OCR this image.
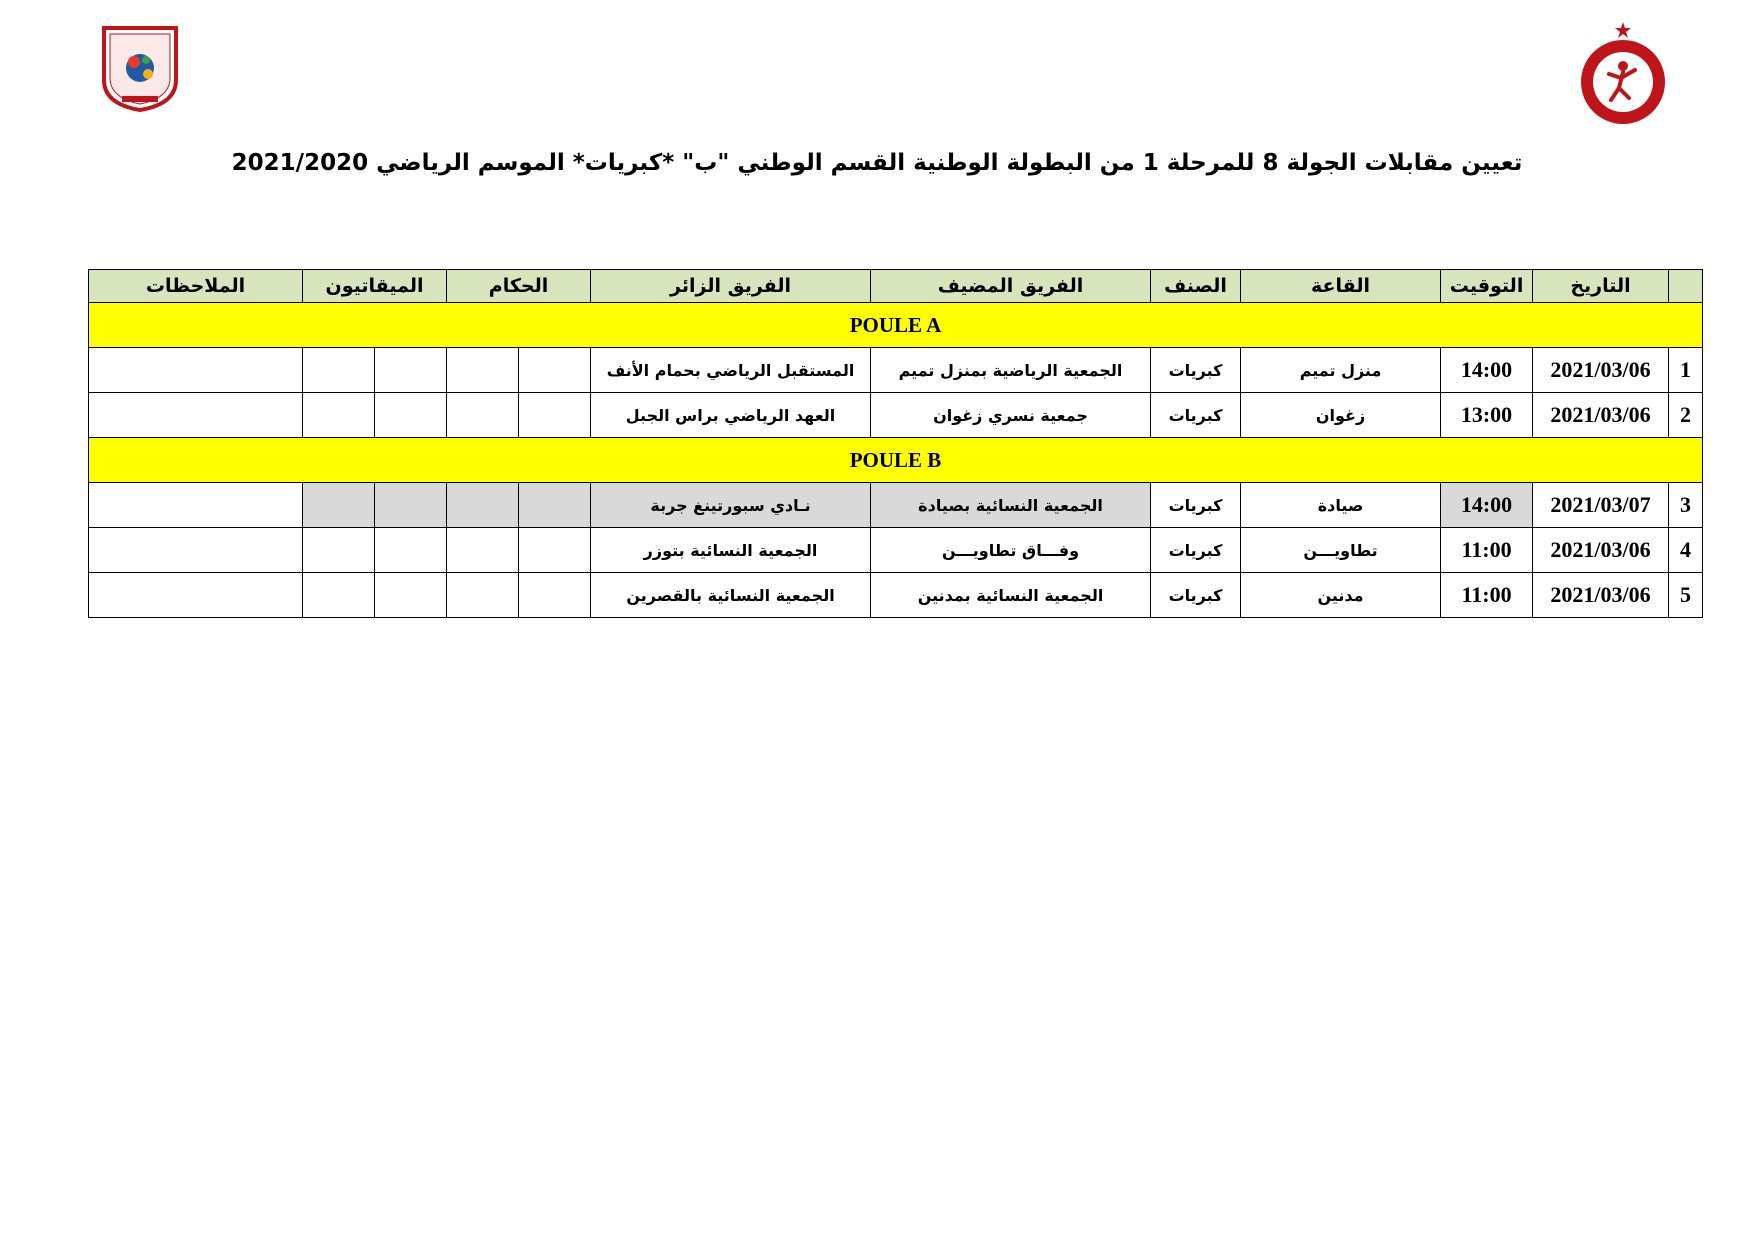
تعيين مقابلات الجولة 8 للمرحلة 1 من البطولة الوطنية القسم الوطني "ب" *كبريات* الموسم الرياضي 2021/2020
	التاريخ	التوقيت	القاعة	الصنف	الفريق المضيف	الفريق الزائر	الحكام		الميقاتيون		الملاحظات
POULE A											
1	2021/03/06	14:00	منزل تميم	كبريات	الجمعية الرياضية بمنزل تميم	المستقبل الرياضي بحمام الأنف					
2	2021/03/06	13:00	زغوان	كبريات	جمعية نسري زغوان	العهد الرياضي براس الجبل					
POULE B											
3	2021/03/07	14:00	صيادة	كبريات	الجمعية النسائية بصيادة	نـادي سبورتينغ جربة					
4	2021/03/06	11:00	تطاويـــن	كبريات	وفـــاق تطاويـــن	الجمعية النسائية بتوزر					
5	2021/03/06	11:00	مدنين	كبريات	الجمعية النسائية بمدنين	الجمعية النسائية بالقصرين					
